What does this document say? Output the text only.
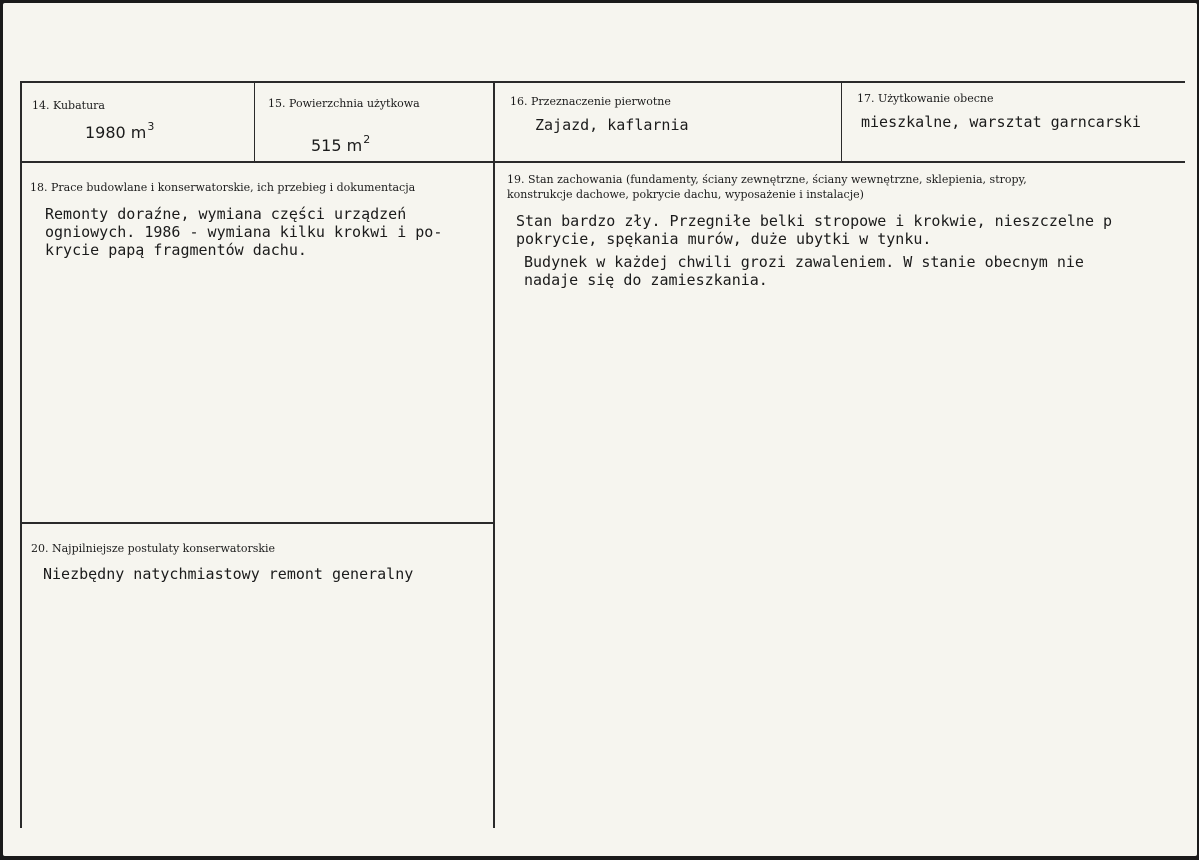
14. Kubatura
1980 $m^3$
15. Powierzchnia użytkowa
515 $m^2$
16. Przeznaczenie pierwotne
Zajazd, kaflarnia
17. Użytkowanie obecne
mieszkalne, warsztat garncarski
18. Prace budowlane i konserwatorskie, ich przebieg i dokumentacja
Remonty doraźne, wymiana części urządzeń
ogniowych. 1986 - wymiana kilku krokwi i po-
krycie papą fragmentów dachu.
19. Stan zachowania (fundamenty, ściany zewnętrzne, ściany wewnętrzne, sklepienia, stropy,
konstrukcje dachowe, pokrycie dachu, wyposażenie i instalacje)
Stan bardzo zły. Przegniłe belki stropowe i krokwie, nieszczelne p
pokrycie, spękania murów, duże ubytki w tynku.
Budynek w każdej chwili grozi zawaleniem. W stanie obecnym nie
nadaje się do zamieszkania.
20. Najpilniejsze postulaty konserwatorskie
Niezbędny natychmiastowy remont generalny
